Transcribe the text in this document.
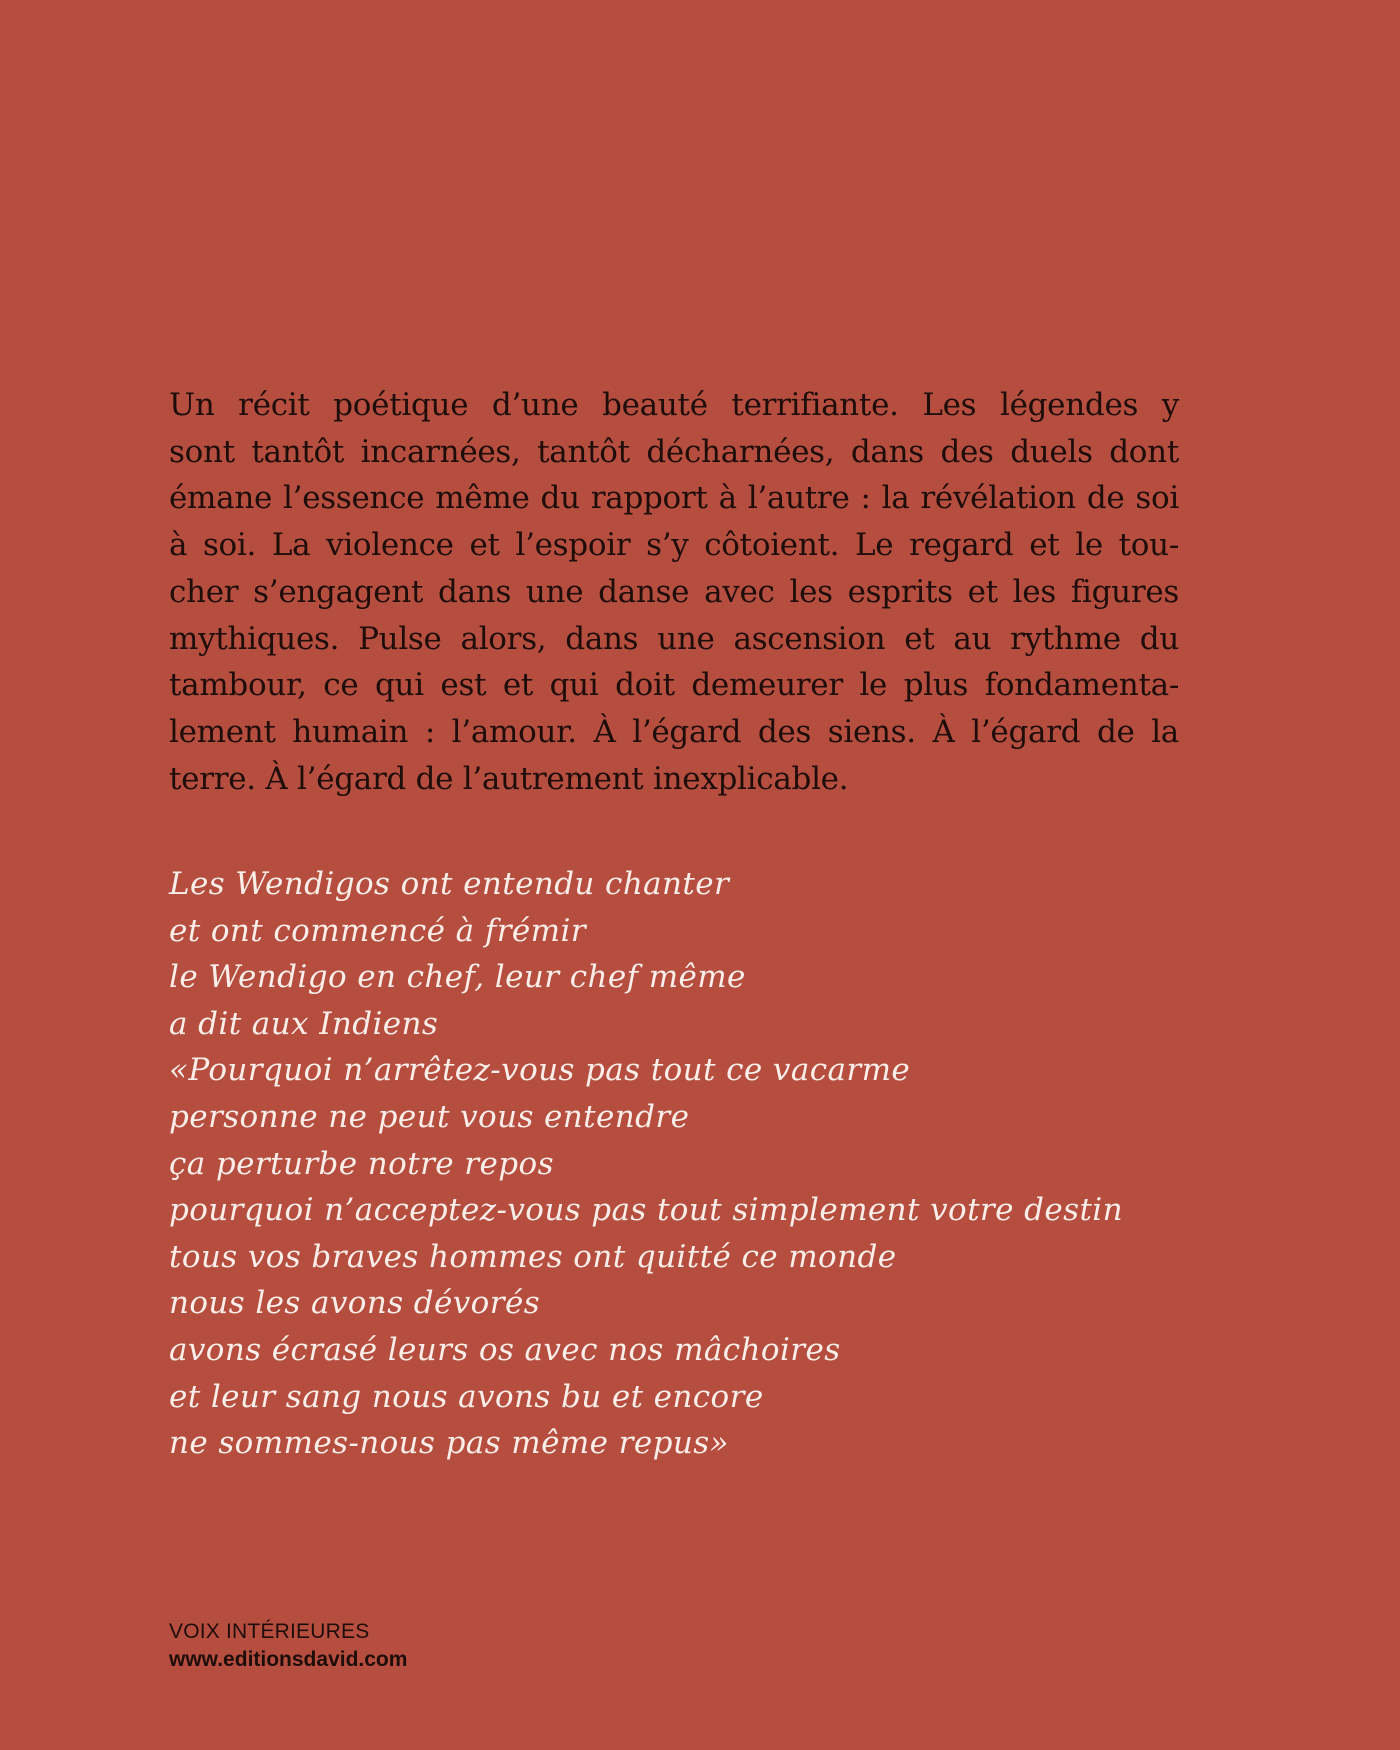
Un récit poétique d’une beauté terrifiante. Les légendes y
sont tantôt incarnées, tantôt décharnées, dans des duels dont
émane l’essence même du rapport à l’autre : la révélation de soi
à soi. La violence et l’espoir s’y côtoient. Le regard et le tou-
cher s’engagent dans une danse avec les esprits et les figures
mythiques. Pulse alors, dans une ascension et au rythme du
tambour, ce qui est et qui doit demeurer le plus fondamenta-
lement humain : l’amour. À l’égard des siens. À l’égard de la
terre. À l’égard de l’autrement inexplicable.
Les Wendigos ont entendu chanter
et ont commencé à frémir
le Wendigo en chef, leur chef même
a dit aux Indiens
«Pourquoi n’arrêtez-vous pas tout ce vacarme
personne ne peut vous entendre
ça perturbe notre repos
pourquoi n’acceptez-vous pas tout simplement votre destin
tous vos braves hommes ont quitté ce monde
nous les avons dévorés
avons écrasé leurs os avec nos mâchoires
et leur sang nous avons bu et encore
ne sommes-nous pas même repus»
VOIX INTÉRIEURES
www.editionsdavid.com
